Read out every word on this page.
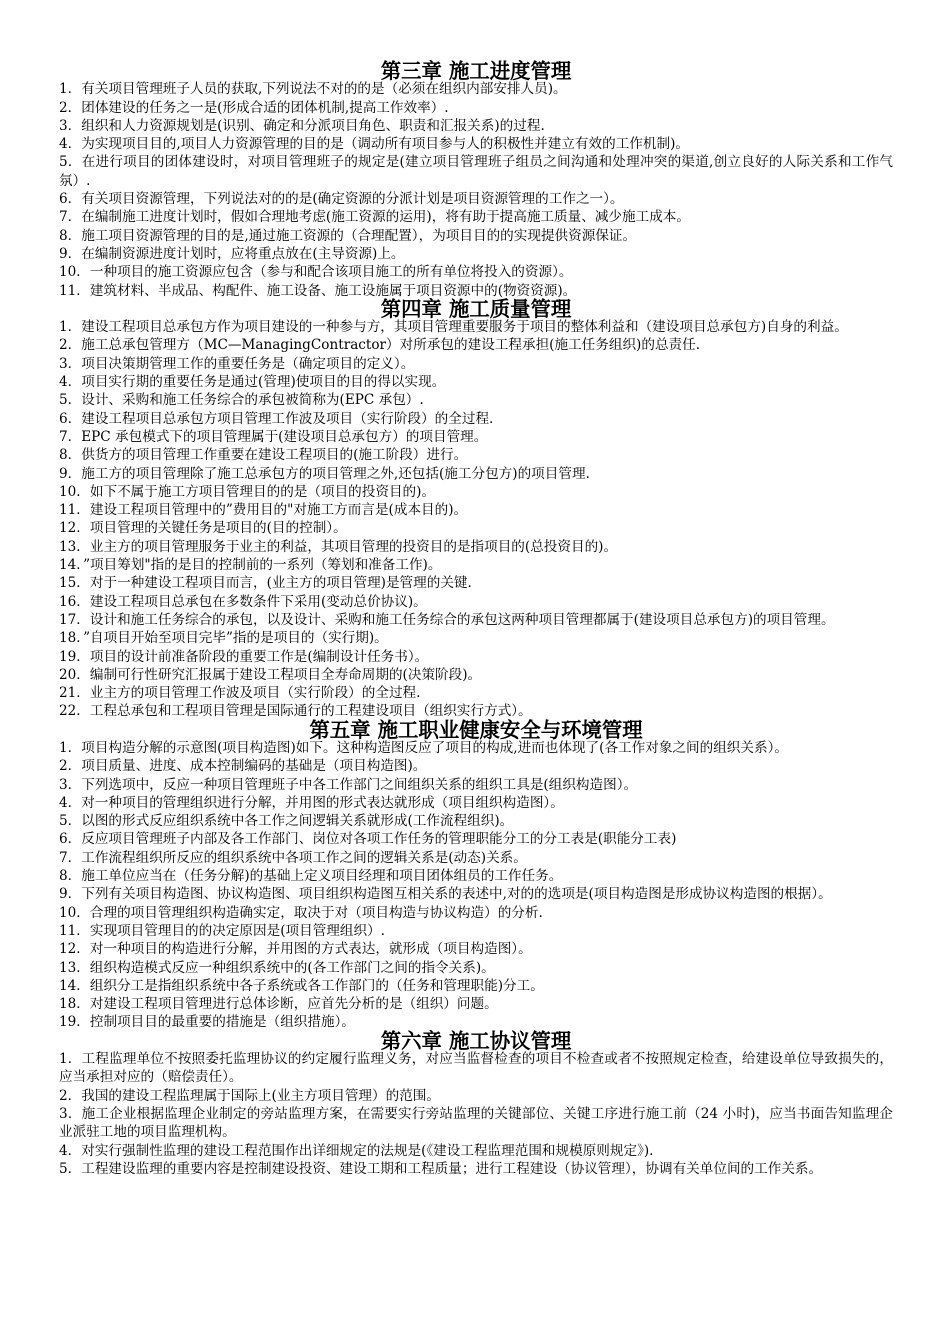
第三章 施工进度管理

1．有关项目管理班子人员的获取,下列说法不对的的是（必须在组织内部安排人员)。

2．团体建设的任务之一是(形成合适的团体机制,提高工作效率）.

3．组织和人力资源规划是(识别、确定和分派项目角色、职责和汇报关系)的过程.

4．为实现项目目的,项目人力资源管理的目的是（调动所有项目参与人的积极性并建立有效的工作机制)。

5．在进行项目的团体建设时，对项目管理班子的规定是(建立项目管理班子组员之间沟通和处理冲突的渠道,创立良好的人际关系和工作气氛）.

6．有关项目资源管理，下列说法对的的是(确定资源的分派计划是项目资源管理的工作之一）。

7．在编制施工进度计划时，假如合理地考虑(施工资源的运用)，将有助于提高施工质量、减少施工成本。

8．施工项目资源管理的目的是,通过施工资源的（合理配置），为项目目的的实现提供资源保证。

9．在编制资源进度计划时，应将重点放在(主导资源)上。

10．一种项目的施工资源应包含（参与和配合该项目施工的所有单位将投入的资源）。

11．建筑材料、半成品、构配件、施工设备、施工设施属于项目资源中的(物资资源)。

第四章 施工质量管理

1．建设工程项目总承包方作为项目建设的一种参与方，其项目管理重要服务于项目的整体利益和（建设项目总承包方)自身的利益。

2．施工总承包管理方（MC—ManagingContractor）对所承包的建设工程承担(施工任务组织)的总责任.

3．项目决策期管理工作的重要任务是（确定项目的定义）。

4．项目实行期的重要任务是通过(管理)使项目的目的得以实现。

5．设计、采购和施工任务综合的承包被简称为(EPC 承包）.

6．建设工程项目总承包方项目管理工作波及项目（实行阶段）的全过程.

7．EPC 承包模式下的项目管理属于(建设项目总承包方）的项目管理。

8．供货方的项目管理工作重要在建设工程项目的(施工阶段）进行。

9．施工方的项目管理除了施工总承包方的项目管理之外,还包括(施工分包方)的项目管理.

10．如下不属于施工方项目管理目的的是（项目的投资目的)。

11．建设工程项目管理中的”费用目的"对施工方而言是(成本目的)。

12．项目管理的关键任务是项目的(目的控制）。

13．业主方的项目管理服务于业主的利益，其项目管理的投资目的是指项目的(总投资目的)。

14．”项目筹划"指的是目的控制前的一系列（筹划和准备工作)。

15．对于一种建设工程项目而言，(业主方的项目管理)是管理的关键.

16．建设工程项目总承包在多数条件下采用(变动总价协议)。

17．设计和施工任务综合的承包，以及设计、采购和施工任务综合的承包这两种项目管理都属于(建设项目总承包方)的项目管理。

18．”自项目开始至项目完毕”指的是项目的（实行期)。

19．项目的设计前准备阶段的重要工作是(编制设计任务书）。

20．编制可行性研究汇报属于建设工程项目全寿命周期的(决策阶段)。

21．业主方的项目管理工作波及项目（实行阶段）的全过程.

22．工程总承包和工程项目管理是国际通行的工程建设项目（组织实行方式）。

第五章 施工职业健康安全与环境管理

1．项目构造分解的示意图(项目构造图)如下。这种构造图反应了项目的构成,进而也体现了(各工作对象之间的组织关系）。

2．项目质量、进度、成本控制编码的基础是（项目构造图)。

3．下列选项中，反应一种项目管理班子中各工作部门之间组织关系的组织工具是(组织构造图）。

4．对一种项目的管理组织进行分解，并用图的形式表达就形成（项目组织构造图）。

5．以图的形式反应组织系统中各工作之间逻辑关系就形成(工作流程组织)。

6．反应项目管理班子内部及各工作部门、岗位对各项工作任务的管理职能分工的分工表是(职能分工表)

7．工作流程组织所反应的组织系统中各项工作之间的逻辑关系是(动态)关系。

8．施工单位应当在（任务分解)的基础上定义项目经理和项目团体组员的工作任务。

9．下列有关项目构造图、协议构造图、项目组织构造图互相关系的表述中,对的的选项是(项目构造图是形成协议构造图的根据）。

10．合理的项目管理组织构造确实定，取决于对（项目构造与协议构造）的分析.

11．实现项目管理目的的决定原因是(项目管理组织）.

12．对一种项目的构造进行分解，并用图的方式表达，就形成（项目构造图）。

13．组织构造模式反应一种组织系统中的(各工作部门之间的指令关系)。

14．组织分工是指组织系统中各子系统或各工作部门的（任务和管理职能)分工。

18．对建设工程项目管理进行总体诊断，应首先分析的是（组织）问题。

19．控制项目目的最重要的措施是（组织措施）。

第六章 施工协议管理

1．工程监理单位不按照委托监理协议的约定履行监理义务，对应当监督检查的项目不检查或者不按照规定检查，给建设单位导致损失的，应当承担对应的（赔偿责任）。

2．我国的建设工程监理属于国际上(业主方项目管理）的范围。

3．施工企业根据监理企业制定的旁站监理方案，在需要实行旁站监理的关键部位、关键工序进行施工前（24 小时)，应当书面告知监理企业派驻工地的项目监理机构。

4．对实行强制性监理的建设工程范围作出详细规定的法规是(《建设工程监理范围和规模原则规定》).

5．工程建设监理的重要内容是控制建设投资、建设工期和工程质量；进行工程建设（协议管理），协调有关单位间的工作关系。
